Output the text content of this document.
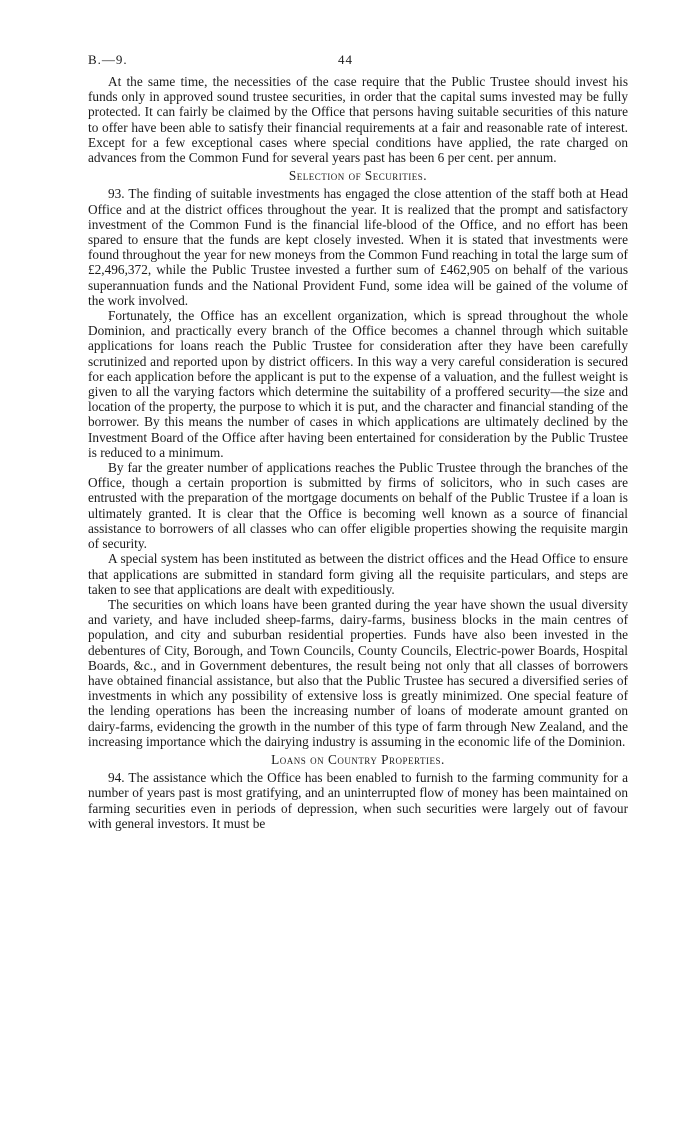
B.—9.	44

At the same time, the necessities of the case require that the Public Trustee should invest his funds only in approved sound trustee securities, in order that the capital sums invested may be fully protected. It can fairly be claimed by the Office that persons having suitable securities of this nature to offer have been able to satisfy their financial requirements at a fair and reasonable rate of interest. Except for a few exceptional cases where special conditions have applied, the rate charged on advances from the Common Fund for several years past has been 6 per cent. per annum.

Selection of Securities.

93. The finding of suitable investments has engaged the close attention of the staff both at Head Office and at the district offices throughout the year. It is realized that the prompt and satisfactory investment of the Common Fund is the financial life-blood of the Office, and no effort has been spared to ensure that the funds are kept closely invested. When it is stated that investments were found throughout the year for new moneys from the Common Fund reaching in total the large sum of £2,496,372, while the Public Trustee invested a further sum of £462,905 on behalf of the various superannuation funds and the National Provident Fund, some idea will be gained of the volume of the work involved.

Fortunately, the Office has an excellent organization, which is spread throughout the whole Dominion, and practically every branch of the Office becomes a channel through which suitable applications for loans reach the Public Trustee for consideration after they have been carefully scrutinized and reported upon by district officers. In this way a very careful consideration is secured for each application before the applicant is put to the expense of a valuation, and the fullest weight is given to all the varying factors which determine the suitability of a proffered security—the size and location of the property, the purpose to which it is put, and the character and financial standing of the borrower. By this means the number of cases in which applications are ultimately declined by the Investment Board of the Office after having been entertained for consideration by the Public Trustee is reduced to a minimum.

By far the greater number of applications reaches the Public Trustee through the branches of the Office, though a certain proportion is submitted by firms of solicitors, who in such cases are entrusted with the preparation of the mortgage documents on behalf of the Public Trustee if a loan is ultimately granted. It is clear that the Office is becoming well known as a source of financial assistance to borrowers of all classes who can offer eligible properties showing the requisite margin of security.

A special system has been instituted as between the district offices and the Head Office to ensure that applications are submitted in standard form giving all the requisite particulars, and steps are taken to see that applications are dealt with expeditiously.

The securities on which loans have been granted during the year have shown the usual diversity and variety, and have included sheep-farms, dairy-farms, business blocks in the main centres of population, and city and suburban residential properties. Funds have also been invested in the debentures of City, Borough, and Town Councils, County Councils, Electric-power Boards, Hospital Boards, &c., and in Government debentures, the result being not only that all classes of borrowers have obtained financial assistance, but also that the Public Trustee has secured a diversified series of investments in which any possibility of extensive loss is greatly minimized. One special feature of the lending operations has been the increasing number of loans of moderate amount granted on dairy-farms, evidencing the growth in the number of this type of farm through New Zealand, and the increasing importance which the dairying industry is assuming in the economic life of the Dominion.

Loans on Country Properties.

94. The assistance which the Office has been enabled to furnish to the farming community for a number of years past is most gratifying, and an uninterrupted flow of money has been maintained on farming securities even in periods of depression, when such securities were largely out of favour with general investors. It must be
